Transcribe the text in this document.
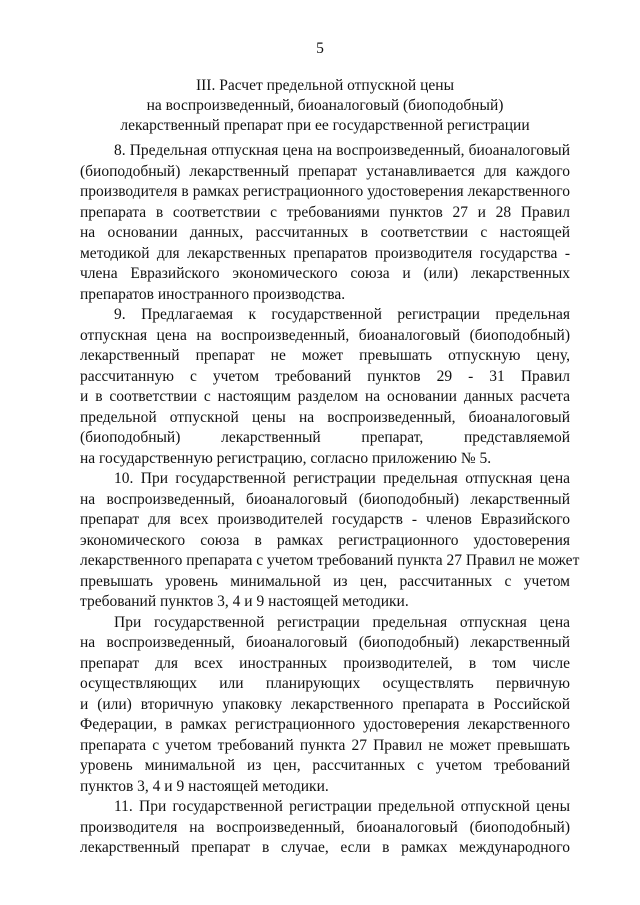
5
III. Расчет предельной отпускной цены
на воспроизведенный, биоаналоговый (биоподобный)
лекарственный препарат при ее государственной регистрации
8. Предельная отпускная цена на воспроизведенный, биоаналоговый
(биоподобный) лекарственный препарат устанавливается для каждого
производителя в рамках регистрационного удостоверения лекарственного
препарата в соответствии с требованиями пунктов 27 и 28 Правил
на основании данных, рассчитанных в соответствии с настоящей
методикой для лекарственных препаратов производителя государства -
члена Евразийского экономического союза и (или) лекарственных
препаратов иностранного производства.
9. Предлагаемая к государственной регистрации предельная
отпускная цена на воспроизведенный, биоаналоговый (биоподобный)
лекарственный препарат не может превышать отпускную цену,
рассчитанную с учетом требований пунктов 29 - 31 Правил
и в соответствии с настоящим разделом на основании данных расчета
предельной отпускной цены на воспроизведенный, биоаналоговый
(биоподобный) лекарственный препарат, представляемой
на государственную регистрацию, согласно приложению № 5.
10. При государственной регистрации предельная отпускная цена
на воспроизведенный, биоаналоговый (биоподобный) лекарственный
препарат для всех производителей государств - членов Евразийского
экономического союза в рамках регистрационного удостоверения
лекарственного препарата с учетом требований пункта 27 Правил не может
превышать уровень минимальной из цен, рассчитанных с учетом
требований пунктов 3, 4 и 9 настоящей методики.
При государственной регистрации предельная отпускная цена
на воспроизведенный, биоаналоговый (биоподобный) лекарственный
препарат для всех иностранных производителей, в том числе
осуществляющих или планирующих осуществлять первичную
и (или) вторичную упаковку лекарственного препарата в Российской
Федерации, в рамках регистрационного удостоверения лекарственного
препарата с учетом требований пункта 27 Правил не может превышать
уровень минимальной из цен, рассчитанных с учетом требований
пунктов 3, 4 и 9 настоящей методики.
11. При государственной регистрации предельной отпускной цены
производителя на воспроизведенный, биоаналоговый (биоподобный)
лекарственный препарат в случае, если в рамках международного
